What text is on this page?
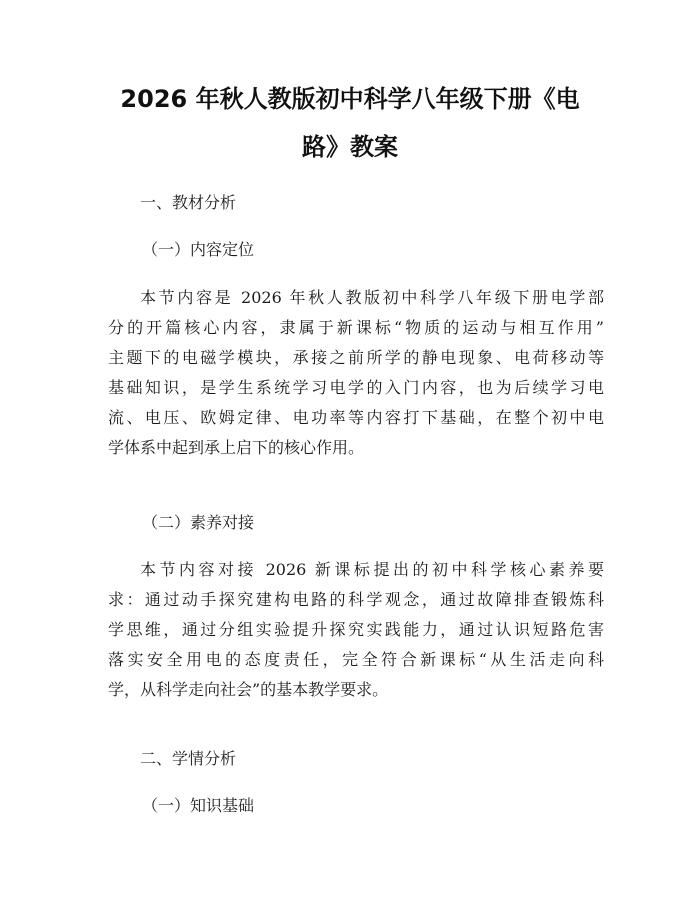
2026 年秋人教版初中科学八年级下册《电
路》教案
一、教材分析
（一）内容定位
本节内容是 2026 年秋人教版初中科学八年级下册电学部
分的开篇核心内容，隶属于新课标“物质的运动与相互作用”
主题下的电磁学模块，承接之前所学的静电现象、电荷移动等
基础知识，是学生系统学习电学的入门内容，也为后续学习电
流、电压、欧姆定律、电功率等内容打下基础，在整个初中电
学体系中起到承上启下的核心作用。
（二）素养对接
本节内容对接 2026 新课标提出的初中科学核心素养要
求：通过动手探究建构电路的科学观念，通过故障排查锻炼科
学思维，通过分组实验提升探究实践能力，通过认识短路危害
落实安全用电的态度责任，完全符合新课标“从生活走向科
学，从科学走向社会”的基本教学要求。
二、学情分析
（一）知识基础
